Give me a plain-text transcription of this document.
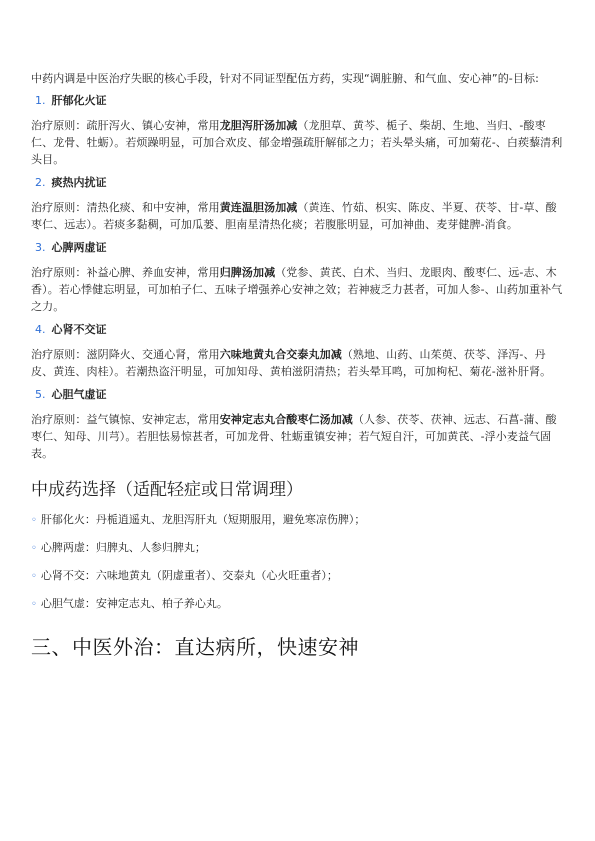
中药内调是中医治疗失眠的核心手段，针对不同证型配伍方药，实现“调脏腑、和气血、安心神”的-目标:

1. 肝郁化火证

治疗原则：疏肝泻火、镇心安神，常用龙胆泻肝汤加减（龙胆草、黄芩、栀子、柴胡、生地、当归、-酸枣仁、龙骨、牡蛎）。若烦躁明显，可加合欢皮、郁金增强疏肝解郁之力；若头晕头痛，可加菊花-、白蒺藜清利头目。

2. 痰热内扰证

治疗原则：清热化痰、和中安神，常用黄连温胆汤加减（黄连、竹茹、枳实、陈皮、半夏、茯苓、甘-草、酸枣仁、远志）。若痰多黏稠，可加瓜蒌、胆南星清热化痰；若腹胀明显，可加神曲、麦芽健脾-消食。

3. 心脾两虚证

治疗原则：补益心脾、养血安神，常用归脾汤加减（党参、黄芪、白术、当归、龙眼肉、酸枣仁、远-志、木香）。若心悸健忘明显，可加柏子仁、五味子增强养心安神之效；若神疲乏力甚者，可加人参-、山药加重补气之力。

4. 心肾不交证

治疗原则：滋阴降火、交通心肾，常用六味地黄丸合交泰丸加减（熟地、山药、山茱萸、茯苓、泽泻-、丹皮、黄连、肉桂）。若潮热盗汗明显，可加知母、黄柏滋阴清热；若头晕耳鸣，可加枸杞、菊花-滋补肝肾。

5. 心胆气虚证

治疗原则：益气镇惊、安神定志，常用安神定志丸合酸枣仁汤加减（人参、茯苓、茯神、远志、石菖-蒲、酸枣仁、知母、川芎）。若胆怯易惊甚者，可加龙骨、牡蛎重镇安神；若气短自汗，可加黄芪、-浮小麦益气固表。

中成药选择（适配轻症或日常调理）
◦ 肝郁化火：丹栀逍遥丸、龙胆泻肝丸（短期服用，避免寒凉伤脾）；
◦ 心脾两虚：归脾丸、人参归脾丸；
◦ 心肾不交：六味地黄丸（阴虚重者）、交泰丸（心火旺重者）；
◦ 心胆气虚：安神定志丸、柏子养心丸。
三、中医外治：直达病所，快速安神
